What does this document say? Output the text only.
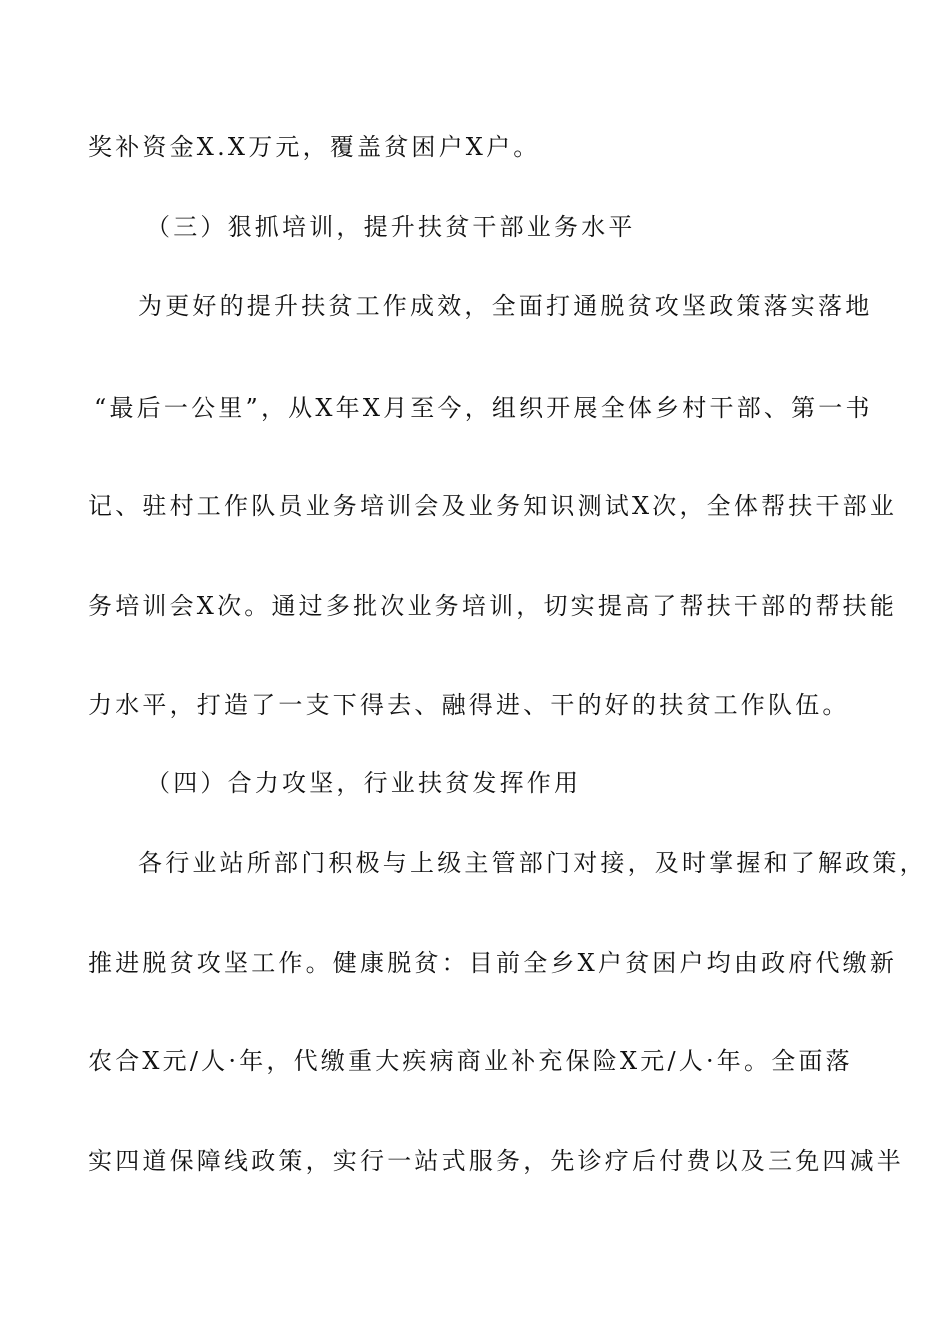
奖补资金X.X万元，覆盖贫困户X户。
（三）狠抓培训，提升扶贫干部业务水平
为更好的提升扶贫工作成效，全面打通脱贫攻坚政策落实落地
“最后一公里”，从X年X月至今，组织开展全体乡村干部、第一书
记、驻村工作队员业务培训会及业务知识测试X次，全体帮扶干部业
务培训会X次。通过多批次业务培训，切实提高了帮扶干部的帮扶能
力水平，打造了一支下得去、融得进、干的好的扶贫工作队伍。
（四）合力攻坚，行业扶贫发挥作用
各行业站所部门积极与上级主管部门对接，及时掌握和了解政策，
推进脱贫攻坚工作。健康脱贫：目前全乡X户贫困户均由政府代缴新
农合X元/人·年，代缴重大疾病商业补充保险X元/人·年。全面落
实四道保障线政策，实行一站式服务，先诊疗后付费以及三免四减半
